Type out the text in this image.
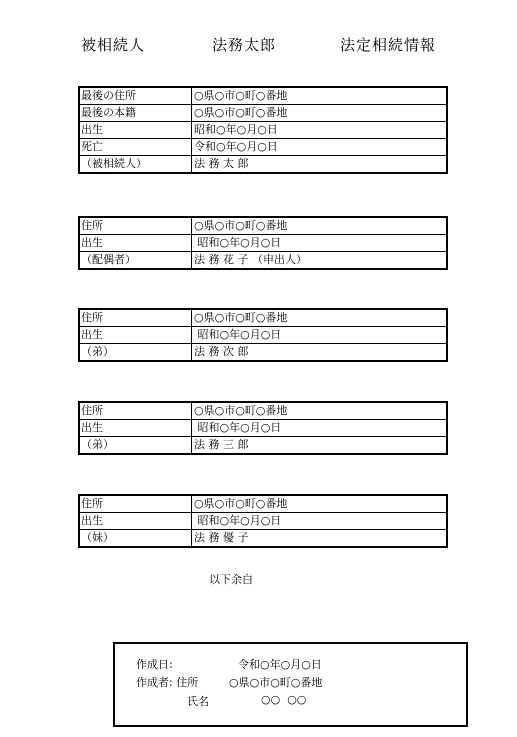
被相続人	法務太郎	法定相続情報
最後の住所	○県○市○町○番地
最後の本籍	○県○市○町○番地
出生	昭和○年○月○日
死亡	令和○年○月○日
（被相続人）	法 務 太 郎
住所	○県○市○町○番地
出生	昭和○年○月○日
（配偶者）	法 務 花 子 （申出人）
住所	○県○市○町○番地
出生	昭和○年○月○日
（弟）	法 務 次 郎
住所	○県○市○町○番地
出生	昭和○年○月○日
（弟）	法 務 三 郎
住所	○県○市○町○番地
出生	昭和○年○月○日
（妹）	法 務 優 子
以下余白
作成日:	令和○年○月○日
作成者: 住所	○県○市○町○番地
氏名	○○  ○○
